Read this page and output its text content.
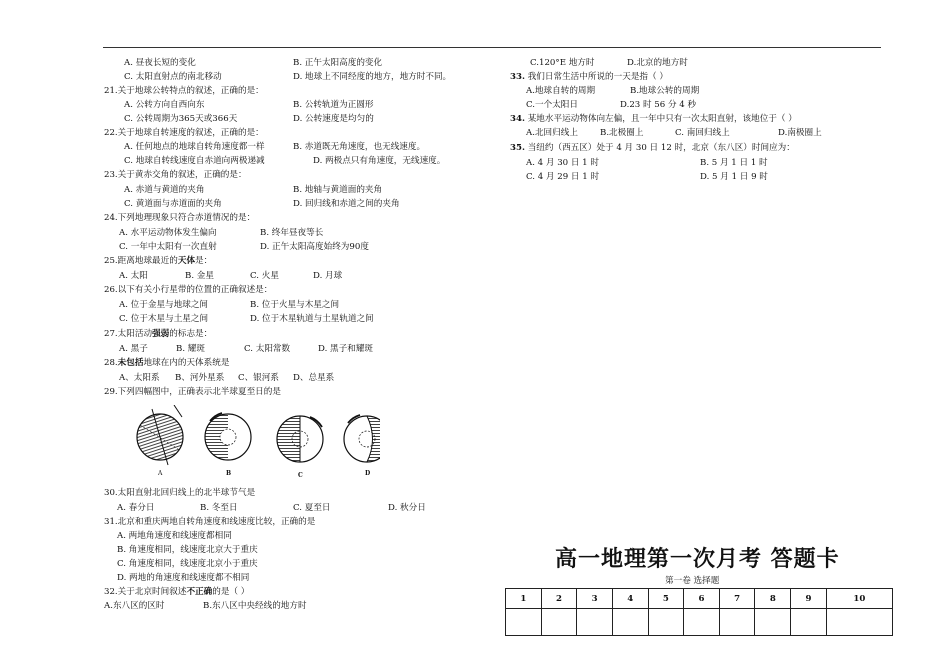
A. 昼夜长短的变化	B. 正午太阳高度的变化
C. 太阳直射点的南北移动	D. 地球上不同经度的地方，地方时不同。
21.关于地球公转特点的叙述，正确的是：
A. 公转方向自西向东	B. 公转轨道为正圆形
C. 公转周期为365天或366天	D. 公转速度是均匀的
22.关于地球自转速度的叙述，正确的是：
A. 任何地点的地球自转角速度都一样	B. 赤道既无角速度，也无线速度。
C. 地球自转线速度自赤道向两极递减	D. 两极点只有角速度，无线速度。
23.关于黄赤交角的叙述，正确的是：
A. 赤道与黄道的夹角	B. 地轴与黄道面的夹角
C. 黄道面与赤道面的夹角	D. 回归线和赤道之间的夹角
24.下列地理现象只符合赤道情况的是：
A. 水平运动物体发生偏向	B. 终年昼夜等长
C. 一年中太阳有一次直射	D. 正午太阳高度始终为90度
25.距离地球最近的天体是：
A. 太阳	B. 金星	C. 火星	D. 月球
26.以下有关小行星带的位置的正确叙述是：
A. 位于金星与地球之间	B. 位于火星与木星之间
C. 位于木星与土星之间	D. 位于木星轨道与土星轨道之间
27.太阳活动强弱的标志是：
A. 黑子	B. 耀斑	C. 太阳常数	D. 黑子和耀斑
28.未包括地球在内的天体系统是
A、太阳系 B、河外星系 C、银河系 D、总星系
29.下列四幅图中，正确表示北半球夏至日的是
A	B	C	D
30.太阳直射北回归线上的北半球节气是
A. 春分日	B. 冬至日	C. 夏至日	D. 秋分日
31.北京和重庆两地自转角速度和线速度比较，正确的是
A. 两地角速度和线速度都相同
B. 角速度相同，线速度北京大于重庆
C. 角速度相同，线速度北京小于重庆
D. 两地的角速度和线速度都不相同
32.关于北京时间叙述不正确的是（ ）
A.东八区的区时	B.东八区中央经线的地方时
C.120°E 地方时	D.北京的地方时
33. 我们日常生活中所说的一天是指（ ）
A.地球自转的周期	B.地球公转的周期
C.一个太阳日	D.23 时 56 分 4 秒
34. 某地水平运动物体向左偏，且一年中只有一次太阳直射，该地位于（ ）
A.北回归线上	B.北极圈上	C. 南回归线上	D.南极圈上
35. 当纽约（西五区）处于 4 月 30 日 12 时，北京（东八区）时间应为：
A. 4 月 30 日 1 时	B. 5 月 1 日 1 时
C. 4 月 29 日 1 时	D. 5 月 1 日 9 时
高一地理第一次月考 答题卡
第一卷 选择题
1	2	3	4	5	6	7	8	9	10
